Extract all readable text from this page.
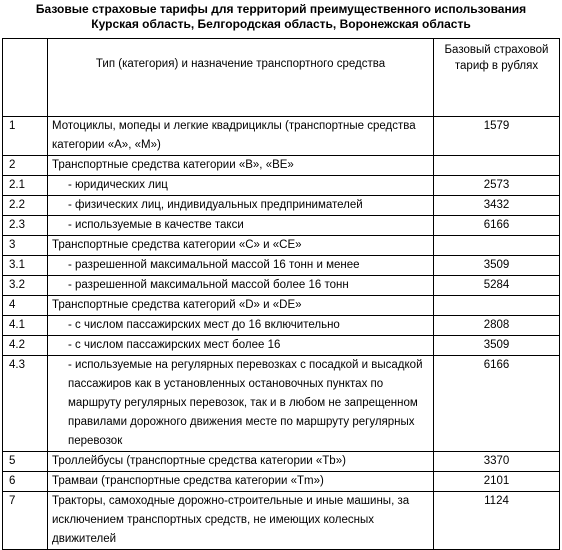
Базовые страховые тарифы для территорий преимущественного использования
Курская область, Белгородская область, Воронежская область
	Тип (категория) и назначение транспортного средства	Базовый страховой тариф в рублях
1	Мотоциклы, мопеды и легкие квадрициклы (транспортные средства категории «А», «М»)	1579
2	Транспортные средства категории «В», «ВЕ»	
2.1	- юридических лиц	2573
2.2	- физических лиц, индивидуальных предпринимателей	3432
2.3	- используемые в качестве такси	6166
3	Транспортные средства категории «С» и «СЕ»	
3.1	- разрешенной максимальной массой 16 тонн и менее	3509
3.2	- разрешенной максимальной массой более 16 тонн	5284
4	Транспортные средства категорий «D» и «DE»	
4.1	- с числом пассажирских мест до 16 включительно	2808
4.2	- с числом пассажирских мест более 16	3509
4.3	- используемые на регулярных перевозках с посадкой и высадкой пассажиров как в установленных остановочных пунктах по маршруту регулярных перевозок, так и в любом не запрещенном правилами дорожного движения месте по маршруту регулярных перевозок	6166
5	Троллейбусы (транспортные средства категории «Tb»)	3370
6	Трамваи (транспортные средства категории «Tm»)	2101
7	Тракторы, самоходные дорожно-строительные и иные машины, за исключением транспортных средств, не имеющих колесных движителей	1124
